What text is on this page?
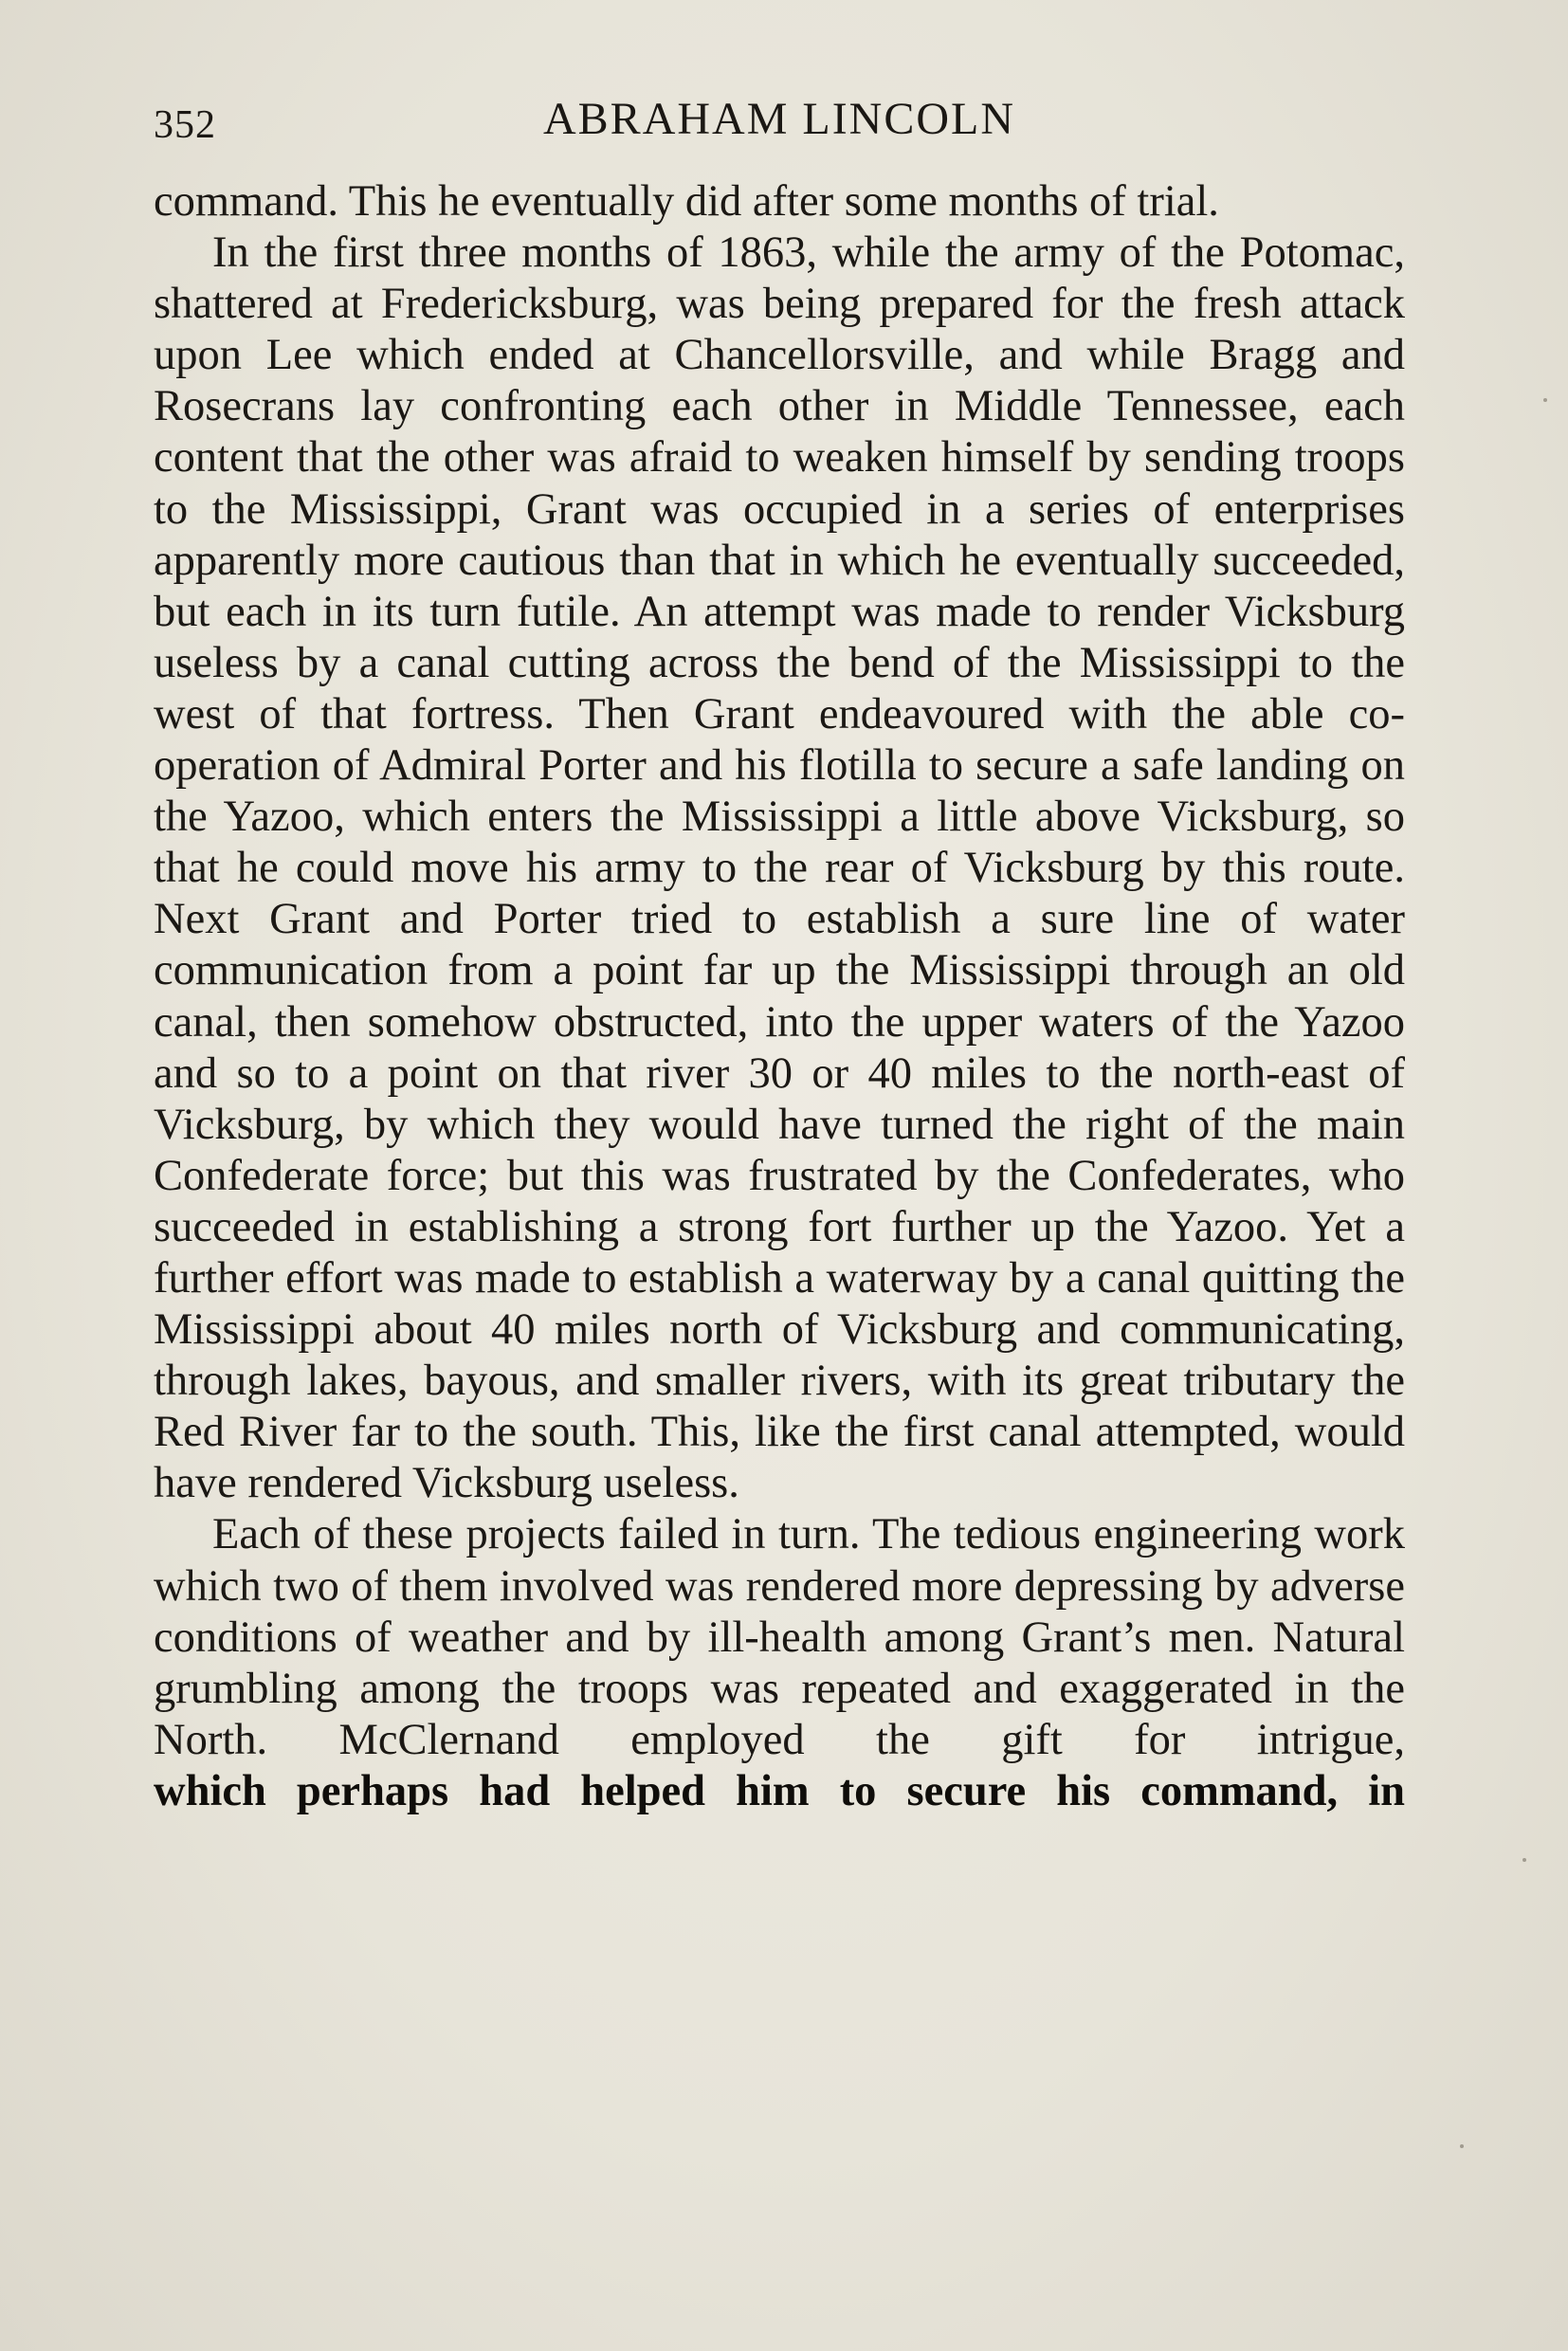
352	ABRAHAM LINCOLN

command. This he eventually did after some months of trial.

In the first three months of 1863, while the army of the Potomac, shattered at Fredericksburg, was being prepared for the fresh attack upon Lee which ended at Chancellorsville, and while Bragg and Rosecrans lay confronting each other in Middle Tennessee, each content that the other was afraid to weaken himself by sending troops to the Mississippi, Grant was occupied in a series of enterprises apparently more cautious than that in which he eventually succeeded, but each in its turn futile. An attempt was made to render Vicksburg useless by a canal cutting across the bend of the Mississippi to the west of that fortress. Then Grant endeavoured with the able co-operation of Admiral Porter and his flotilla to secure a safe landing on the Yazoo, which enters the Mississippi a little above Vicksburg, so that he could move his army to the rear of Vicksburg by this route. Next Grant and Porter tried to establish a sure line of water communication from a point far up the Mississippi through an old canal, then somehow obstructed, into the upper waters of the Yazoo and so to a point on that river 30 or 40 miles to the north-east of Vicksburg, by which they would have turned the right of the main Confederate force; but this was frustrated by the Confederates, who succeeded in establishing a strong fort further up the Yazoo. Yet a further effort was made to establish a waterway by a canal quitting the Mississippi about 40 miles north of Vicksburg and communicating, through lakes, bayous, and smaller rivers, with its great tributary the Red River far to the south. This, like the first canal attempted, would have rendered Vicksburg useless.

Each of these projects failed in turn. The tedious engineering work which two of them involved was rendered more depressing by adverse conditions of weather and by ill-health among Grant’s men. Natural grumbling among the troops was repeated and exaggerated in the North. McClernand employed the gift for intrigue,

which perhaps had helped him to secure his command, in
